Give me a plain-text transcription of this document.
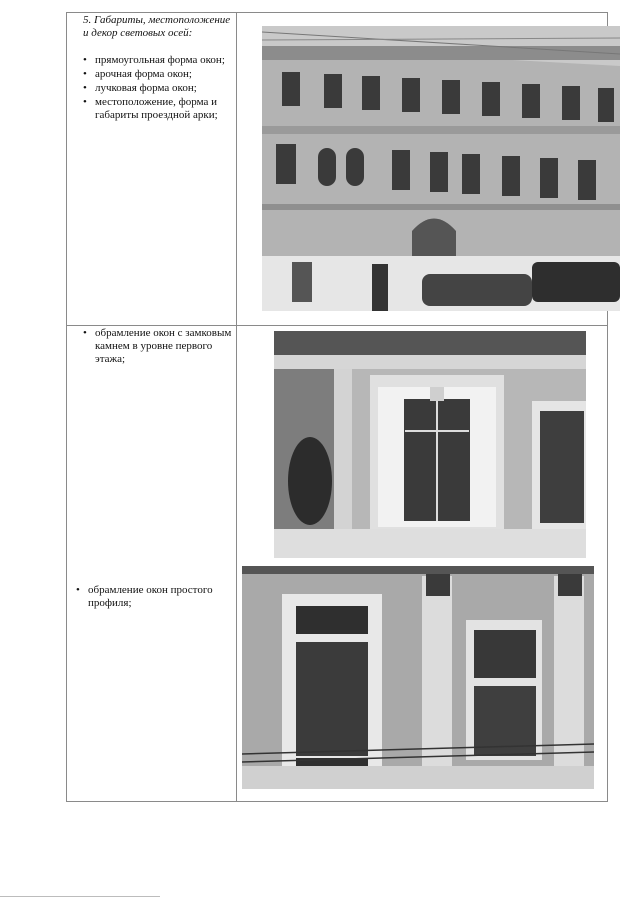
5. Габариты, местоположение и декор световых осей:
• прямоугольная форма окон;
• арочная форма окон;
• лучковая форма окон;
• местоположение, форма и габариты проездной арки;
• обрамление окон с замковым камнем в уровне первого этажа;
• обрамление окон простого профиля;
